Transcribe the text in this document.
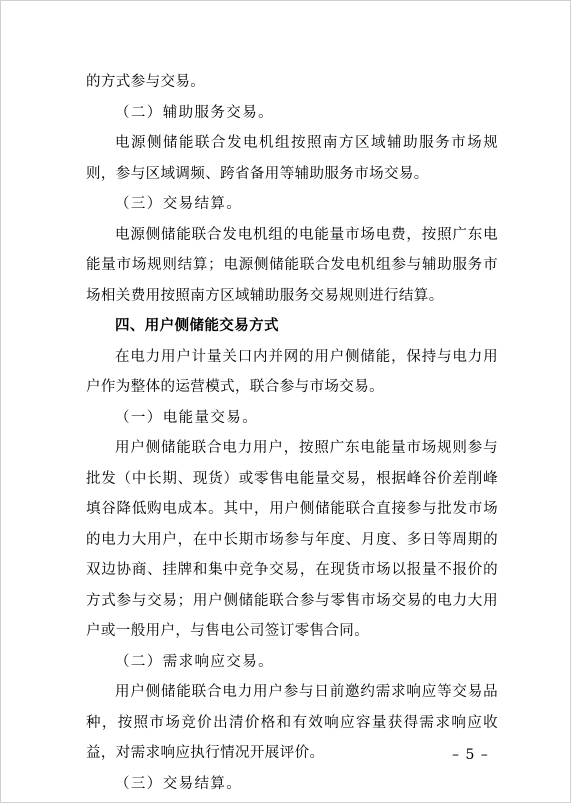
的方式参与交易。

（二）辅助服务交易。

电源侧储能联合发电机组按照南方区域辅助服务市场规则，参与区域调频、跨省备用等辅助服务市场交易。

（三）交易结算。

电源侧储能联合发电机组的电能量市场电费，按照广东电能量市场规则结算；电源侧储能联合发电机组参与辅助服务市场相关费用按照南方区域辅助服务交易规则进行结算。

四、用户侧储能交易方式

在电力用户计量关口内并网的用户侧储能，保持与电力用户作为整体的运营模式，联合参与市场交易。

（一）电能量交易。

用户侧储能联合电力用户，按照广东电能量市场规则参与批发（中长期、现货）或零售电能量交易，根据峰谷价差削峰填谷降低购电成本。其中，用户侧储能联合直接参与批发市场的电力大用户，在中长期市场参与年度、月度、多日等周期的双边协商、挂牌和集中竞争交易，在现货市场以报量不报价的方式参与交易；用户侧储能联合参与零售市场交易的电力大用户或一般用户，与售电公司签订零售合同。

（二）需求响应交易。

用户侧储能联合电力用户参与日前邀约需求响应等交易品种，按照市场竞价出清价格和有效响应容量获得需求响应收益，对需求响应执行情况开展评价。

（三）交易结算。

– 5 –
